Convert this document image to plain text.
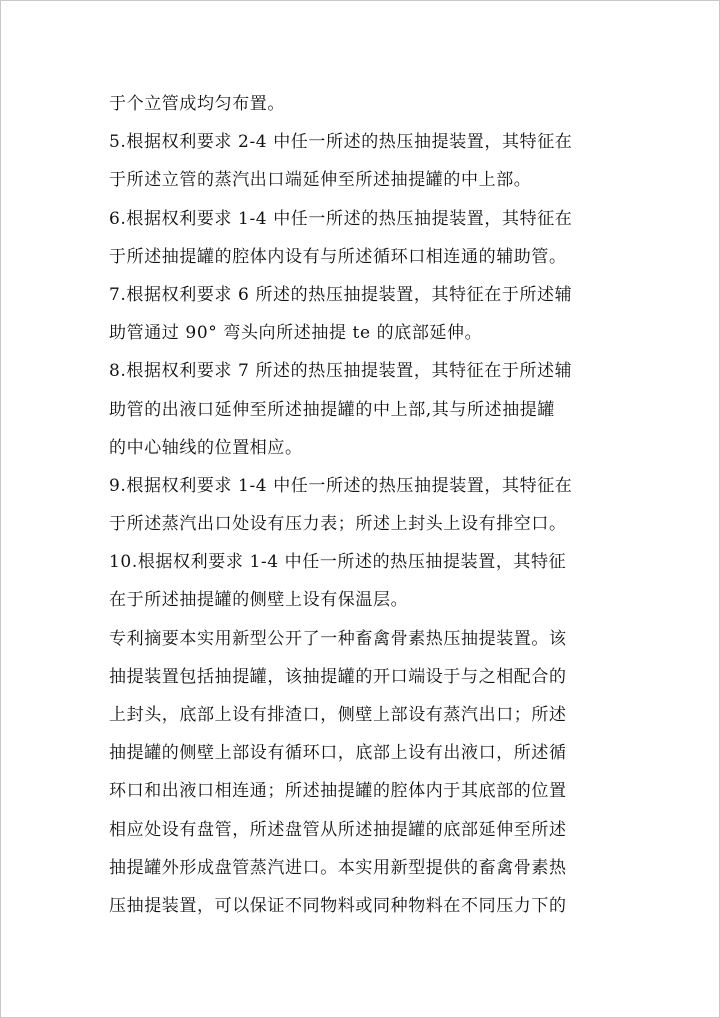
于个立管成均匀布置。
5.根据权利要求 2-4 中任一所述的热压抽提装置，其特征在
于所述立管的蒸汽出口端延伸至所述抽提罐的中上部。
6.根据权利要求 1-4 中任一所述的热压抽提装置，其特征在
于所述抽提罐的腔体内设有与所述循环口相连通的辅助管。
7.根据权利要求 6 所述的热压抽提装置，其特征在于所述辅
助管通过 90° 弯头向所述抽提 te 的底部延伸。
8.根据权利要求 7 所述的热压抽提装置，其特征在于所述辅
助管的出液口延伸至所述抽提罐的中上部,其与所述抽提罐
的中心轴线的位置相应。
9.根据权利要求 1-4 中任一所述的热压抽提装置，其特征在
于所述蒸汽出口处设有压力表；所述上封头上设有排空口。
10.根据权利要求 1-4 中任一所述的热压抽提装置，其特征
在于所述抽提罐的侧壁上设有保温层。
专利摘要本实用新型公开了一种畜禽骨素热压抽提装置。该
抽提装置包括抽提罐，该抽提罐的开口端设于与之相配合的
上封头，底部上设有排渣口，侧壁上部设有蒸汽出口；所述
抽提罐的侧壁上部设有循环口，底部上设有出液口，所述循
环口和出液口相连通；所述抽提罐的腔体内于其底部的位置
相应处设有盘管，所述盘管从所述抽提罐的底部延伸至所述
抽提罐外形成盘管蒸汽进口。本实用新型提供的畜禽骨素热
压抽提装置，可以保证不同物料或同种物料在不同压力下的
